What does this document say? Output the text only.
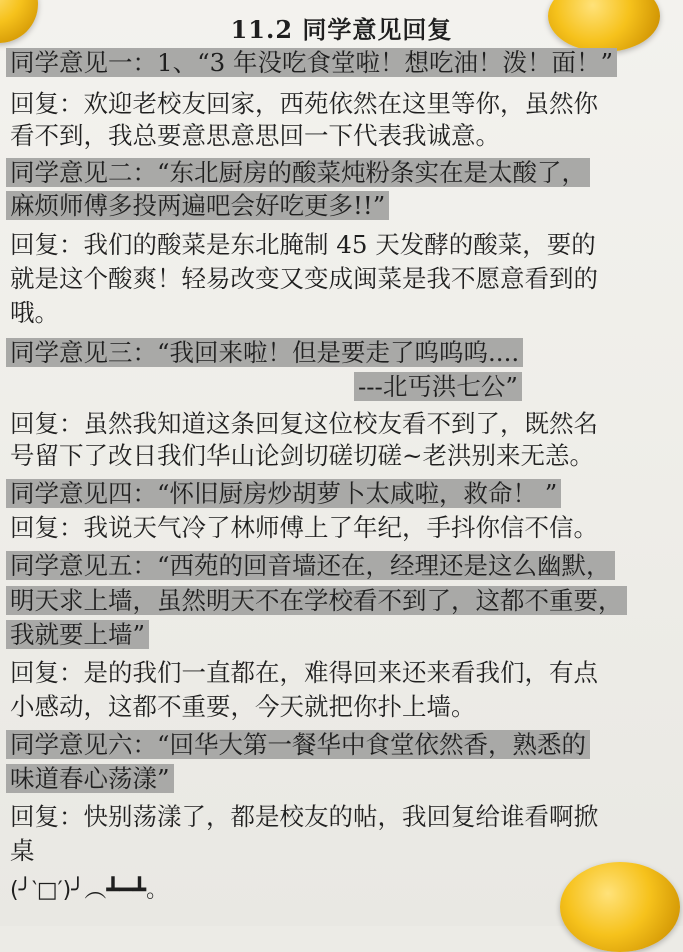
11.2 同学意见回复
同学意见一：1、“3 年没吃食堂啦！想吃油！泼！面！”
回复：欢迎老校友回家，西苑依然在这里等你，虽然你
看不到，我总要意思意思回一下代表我诚意。
同学意见二：“东北厨房的酸菜炖粉条实在是太酸了，
麻烦师傅多投两遍吧会好吃更多!!”
回复：我们的酸菜是东北腌制 45 天发酵的酸菜，要的
就是这个酸爽！轻易改变又变成闽菜是我不愿意看到的
哦。
同学意见三：“我回来啦！但是要走了呜呜呜....
---北丐洪七公”
回复：虽然我知道这条回复这位校友看不到了，既然名
号留下了改日我们华山论剑切磋切磋~老洪别来无恙。
同学意见四：“怀旧厨房炒胡萝卜太咸啦，救命！ ”
回复：我说天气冷了林师傅上了年纪，手抖你信不信。
同学意见五：“西苑的回音墙还在，经理还是这么幽默，
明天求上墙，虽然明天不在学校看不到了，这都不重要，
我就要上墙”
回复：是的我们一直都在，难得回来还来看我们，有点
小感动，这都不重要，今天就把你扑上墙。
同学意见六：“回华大第一餐华中食堂依然香，熟悉的
味道春心荡漾”
回复：快别荡漾了，都是校友的帖，我回复给谁看啊掀
桌
(╯‵□′)╯︵┻━┻。
